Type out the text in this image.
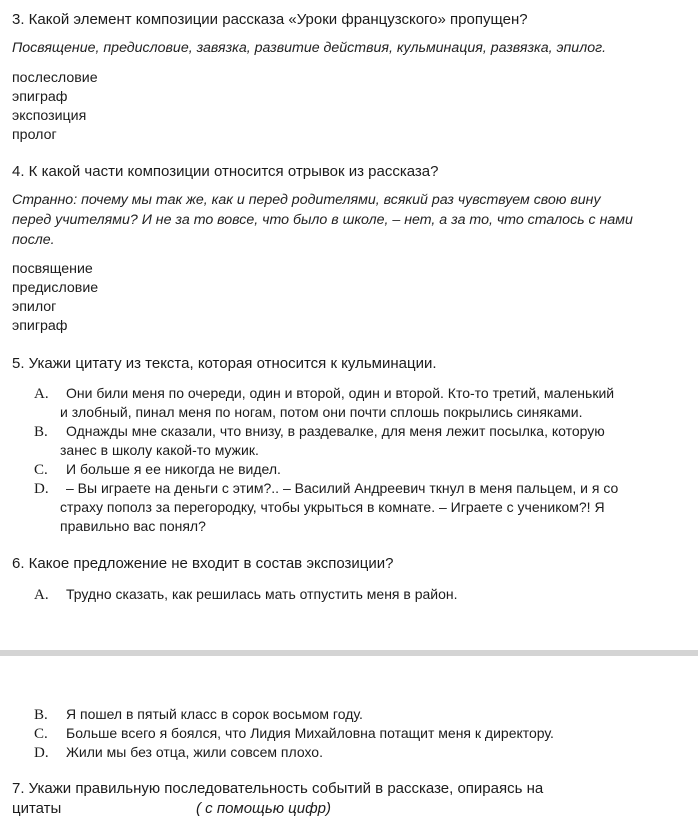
3. Какой элемент композиции рассказа «Уроки французского» пропущен?
Посвящение, предисловие, завязка, развитие действия, кульминация, развязка, эпилог.
послесловие
эпиграф
экспозиция
пролог
4. К какой части композиции относится отрывок из рассказа?
Странно: почему мы так же, как и перед родителями, всякий раз чувствуем свою вину
перед учителями? И не за то вовсе, что было в школе, – нет, а за то, что сталось с нами
после.
посвящение
предисловие
эпилог
эпиграф
5. Укажи цитату из текста, которая относится к кульминации.
A. Они били меня по очереди, один и второй, один и второй. Кто-то третий, маленький
и злобный, пинал меня по ногам, потом они почти сплошь покрылись синяками.
B. Однажды мне сказали, что внизу, в раздевалке, для меня лежит посылка, которую
занес в школу какой-то мужик.
C. И больше я ее никогда не видел.
D. – Вы играете на деньги с этим?.. – Василий Андреевич ткнул в меня пальцем, и я со
страху пополз за перегородку, чтобы укрыться в комнате. – Играете с учеником?! Я
правильно вас понял?
6. Какое предложение не входит в состав экспозиции?
A. Трудно сказать, как решилась мать отпустить меня в район.
B. Я пошел в пятый класс в сорок восьмом году.
C. Больше всего я боялся, что Лидия Михайловна потащит меня к директору.
D. Жили мы без отца, жили совсем плохо.
7. Укажи правильную последовательность событий в рассказе, опираясь на
цитаты	( с помощью цифр)
